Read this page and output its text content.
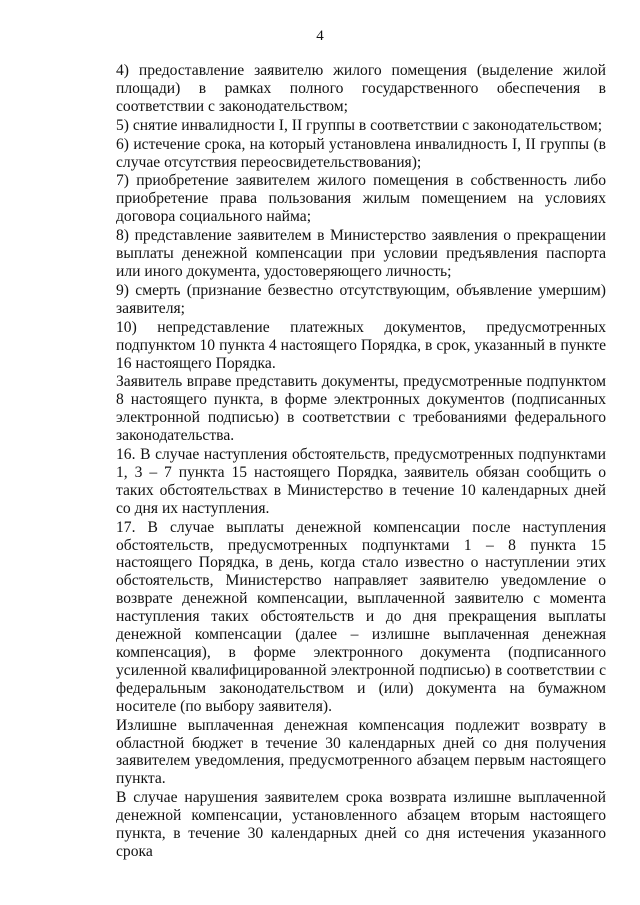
4

4) предоставление заявителю жилого помещения (выделение жилой площади) в рамках полного государственного обеспечения в соответствии с законодательством;

5) снятие инвалидности I, II группы в соответствии с законодательством;

6) истечение срока, на который установлена инвалидность I, II группы (в случае отсутствия переосвидетельствования);

7) приобретение заявителем жилого помещения в собственность либо приобретение права пользования жилым помещением на условиях договора социального найма;

8) представление заявителем в Министерство заявления о прекращении выплаты денежной компенсации при условии предъявления паспорта или иного документа, удостоверяющего личность;

9) смерть (признание безвестно отсутствующим, объявление умершим) заявителя;

10) непредставление платежных документов, предусмотренных подпунктом 10 пункта 4 настоящего Порядка, в срок, указанный в пункте 16 настоящего Порядка.

Заявитель вправе представить документы, предусмотренные подпунктом 8 настоящего пункта, в форме электронных документов (подписанных электронной подписью) в соответствии с требованиями федерального законодательства.

16. В случае наступления обстоятельств, предусмотренных подпунктами 1, 3 – 7 пункта 15 настоящего Порядка, заявитель обязан сообщить о таких обстоятельствах в Министерство в течение 10 календарных дней со дня их наступления.

17. В случае выплаты денежной компенсации после наступления обстоятельств, предусмотренных подпунктами 1 – 8 пункта 15 настоящего Порядка, в день, когда стало известно о наступлении этих обстоятельств, Министерство направляет заявителю уведомление о возврате денежной компенсации, выплаченной заявителю с момента наступления таких обстоятельств и до дня прекращения выплаты денежной компенсации (далее – излишне выплаченная денежная компенсация), в форме электронного документа (подписанного усиленной квалифицированной электронной подписью) в соответствии с федеральным законодательством и (или) документа на бумажном носителе (по выбору заявителя).

Излишне выплаченная денежная компенсация подлежит возврату в областной бюджет в течение 30 календарных дней со дня получения заявителем уведомления, предусмотренного абзацем первым настоящего пункта.

В случае нарушения заявителем срока возврата излишне выплаченной денежной компенсации, установленного абзацем вторым настоящего пункта, в течение 30 календарных дней со дня истечения указанного срока
